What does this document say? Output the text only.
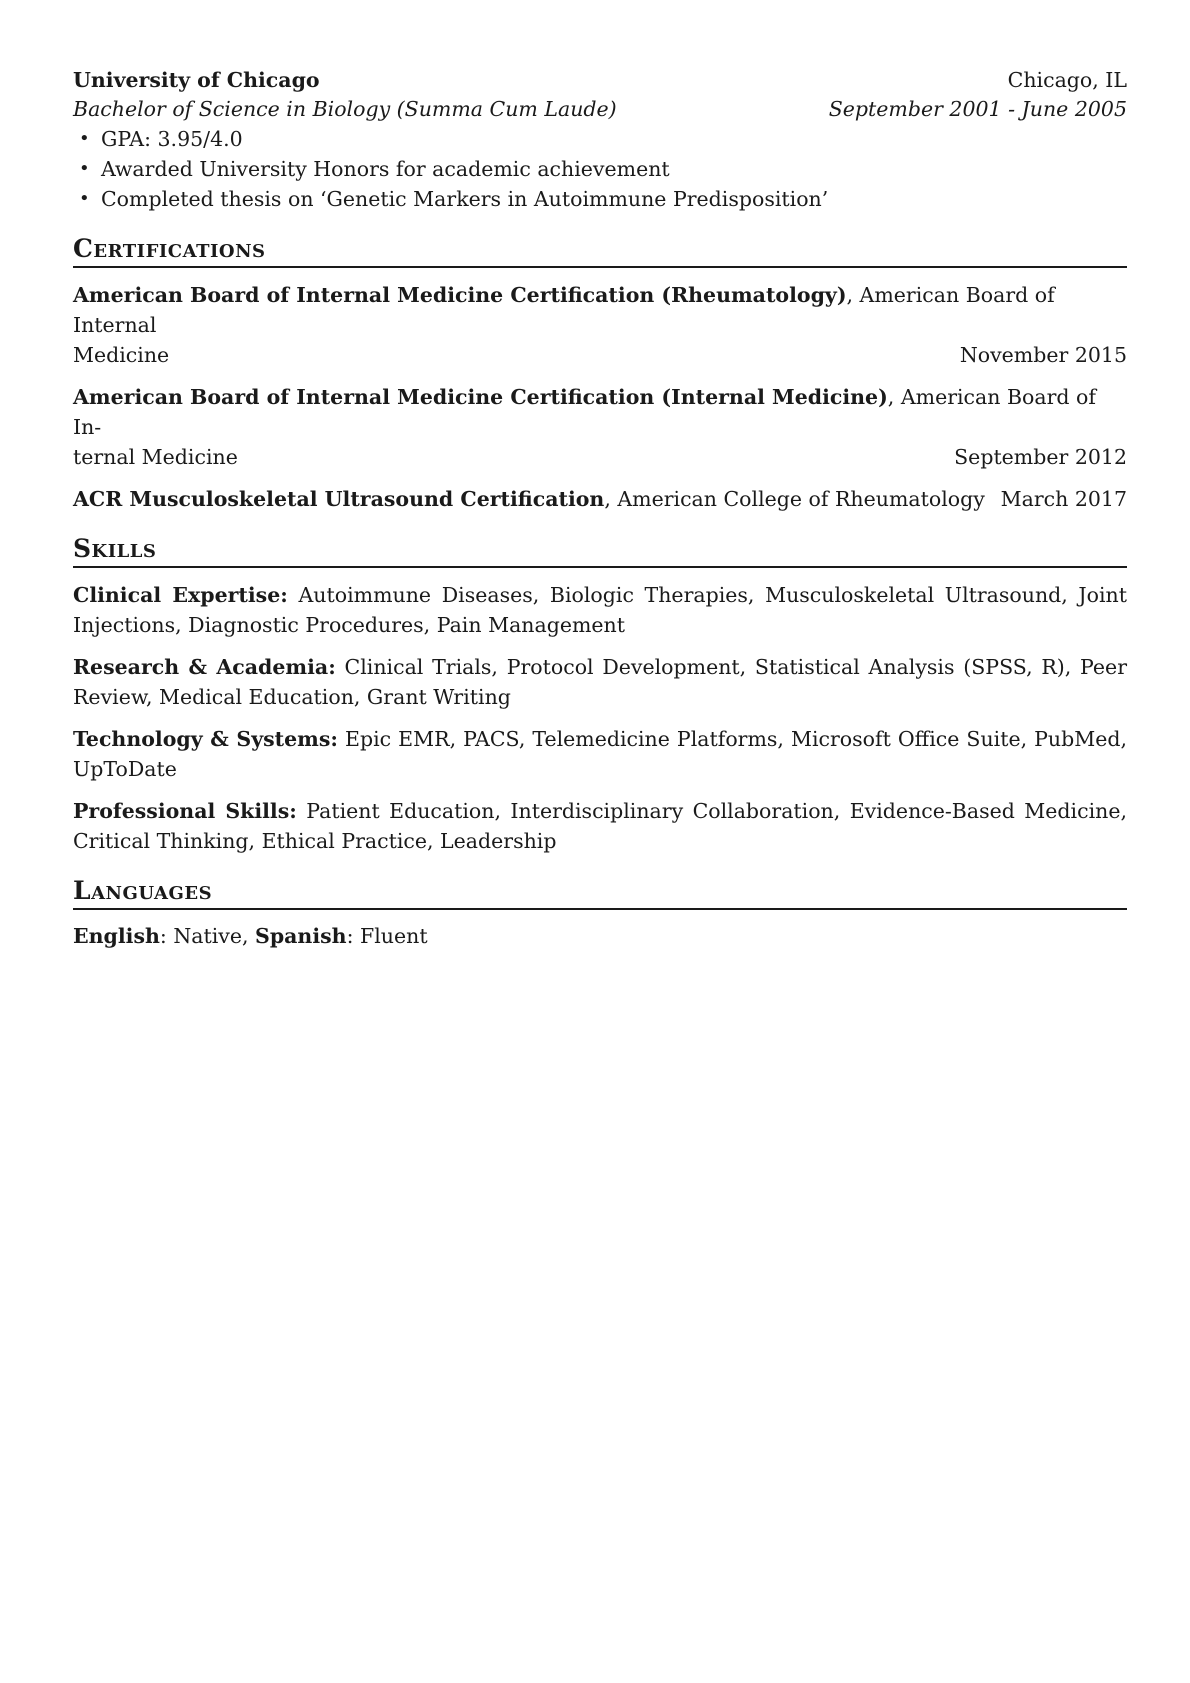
University of Chicago	Chicago, IL
Bachelor of Science in Biology (Summa Cum Laude)	September 2001 - June 2005
• GPA: 3.95/4.0
• Awarded University Honors for academic achievement
• Completed thesis on ‘Genetic Markers in Autoimmune Predisposition’
Certifications
American Board of Internal Medicine Certification (Rheumatology), American Board of Internal
Medicine	November 2015
American Board of Internal Medicine Certification (Internal Medicine), American Board of In-
ternal Medicine	September 2012
ACR Musculoskeletal Ultrasound Certification, American College of Rheumatology March 2017
Skills
Clinical Expertise: Autoimmune Diseases, Biologic Therapies, Musculoskeletal Ultrasound, Joint Injections, Diagnostic Procedures, Pain Management
Research & Academia: Clinical Trials, Protocol Development, Statistical Analysis (SPSS, R), Peer Review, Medical Education, Grant Writing
Technology & Systems: Epic EMR, PACS, Telemedicine Platforms, Microsoft Office Suite, PubMed, UpToDate
Professional Skills: Patient Education, Interdisciplinary Collaboration, Evidence-Based Medicine, Critical Thinking, Ethical Practice, Leadership
Languages
English: Native, Spanish: Fluent
